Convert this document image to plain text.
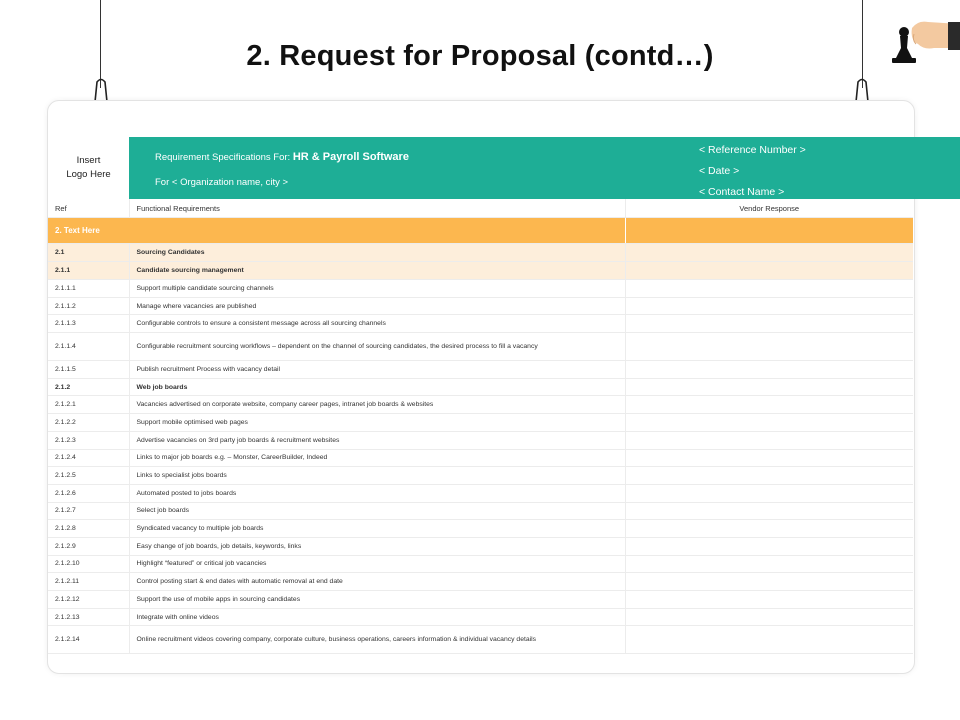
2. Request for Proposal (contd…)
Insert
Logo Here
Requirement Specifications For: HR & Payroll Software
For < Organization name, city >
< Reference Number >
< Date >
< Contact Name >
Ref	Functional Requirements	Vendor Response
2. Text Here		
2.1	Sourcing Candidates	
2.1.1	Candidate sourcing management	
2.1.1.1	Support multiple candidate sourcing channels	
2.1.1.2	Manage where vacancies are published	
2.1.1.3	Configurable controls to ensure a consistent message across all sourcing channels	
2.1.1.4	Configurable recruitment sourcing workflows – dependent on the channel of sourcing candidates, the desired process to fill a vacancy	
2.1.1.5	Publish recruitment Process with vacancy detail	
2.1.2	Web job boards	
2.1.2.1	Vacancies advertised on corporate website, company career pages, intranet job boards & websites	
2.1.2.2	Support mobile optimised web pages	
2.1.2.3	Advertise vacancies on 3rd party job boards & recruitment websites	
2.1.2.4	Links to major job boards e.g. – Monster, CareerBuilder, Indeed	
2.1.2.5	Links to specialist jobs boards	
2.1.2.6	Automated posted to jobs boards	
2.1.2.7	Select job boards	
2.1.2.8	Syndicated vacancy to multiple job boards	
2.1.2.9	Easy change of job boards, job details, keywords, links	
2.1.2.10	Highlight “featured” or critical job vacancies	
2.1.2.11	Control posting start & end dates with automatic removal at end date	
2.1.2.12	Support the use of mobile apps in sourcing candidates	
2.1.2.13	Integrate with online videos	
2.1.2.14	Online recruitment videos covering company, corporate culture, business operations, careers information & individual vacancy details	
